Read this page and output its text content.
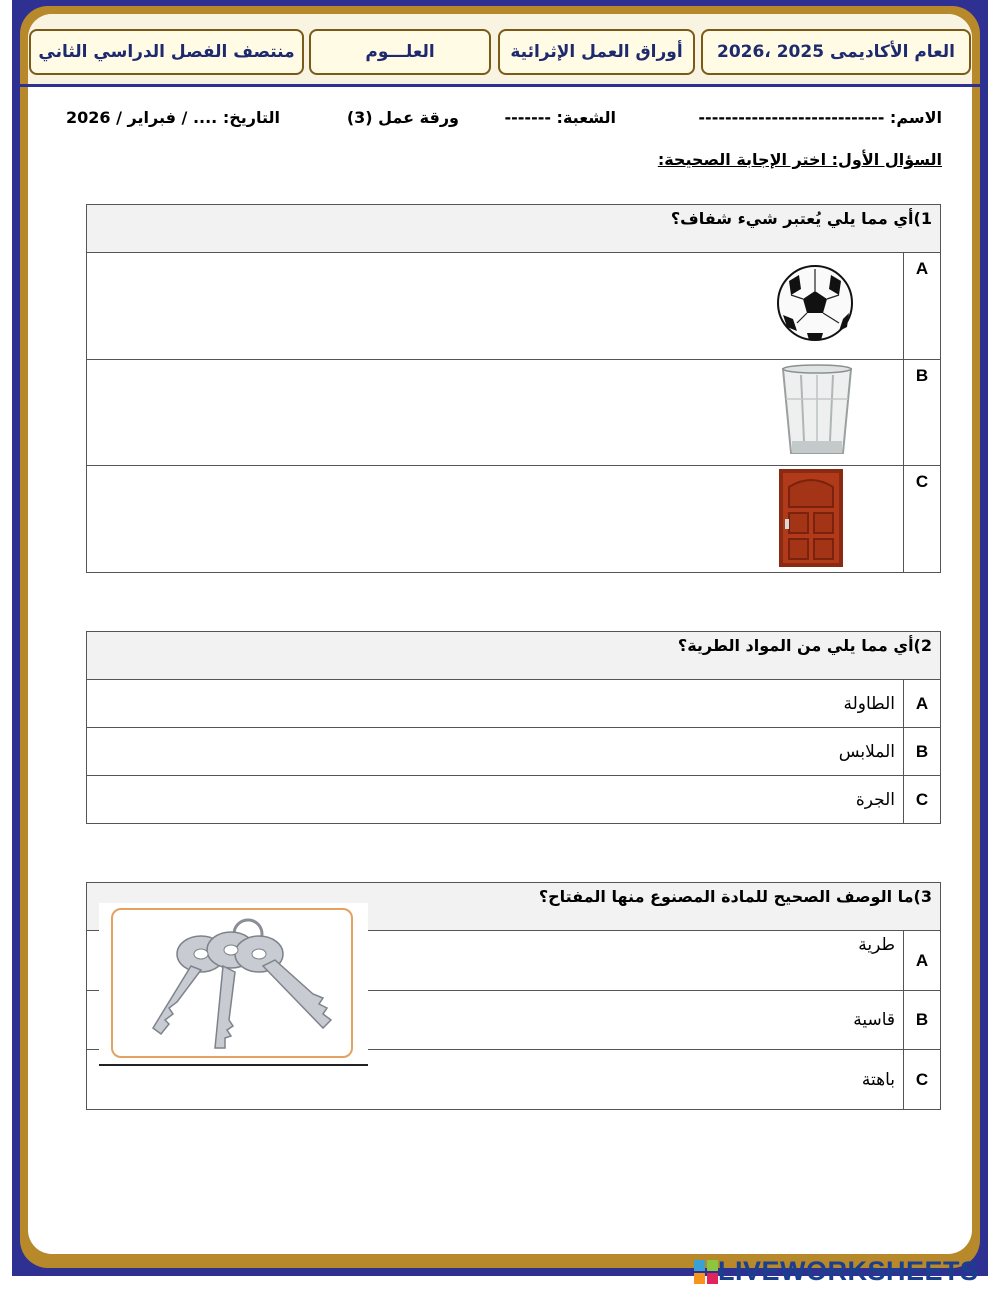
العام الأكاديمى 2025 ،2026
أوراق العمل الإثرائية
العلـــوم
منتصف الفصل الدراسي الثاني
الاسم: ----------------------------
الشعبة: -------
ورقة عمل (3)
التاريخ: .... / فبراير / 2026
السؤال الأول: اختر الإجابة الصحيحة:
1)أي مما يلي يُعتبر شيء شفاف؟	
A	
B	
C	
2)أي مما يلي من المواد الطرية؟	
A	الطاولة
B	الملابس
C	الجرة
3)ما الوصف الصحيح للمادة المصنوع منها المفتاح؟	
A	طرية
B	قاسية
C	باهتة
LIVEWORKSHEETS
